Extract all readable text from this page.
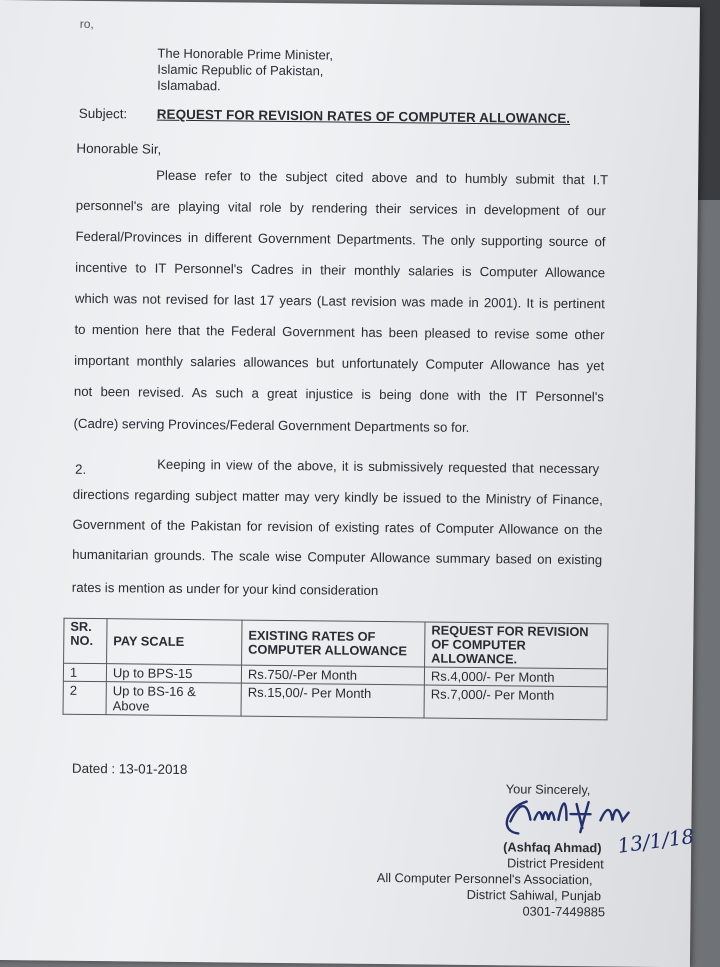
ro,
The Honorable Prime Minister,
Islamic Republic of Pakistan,
Islamabad.
Subject: REQUEST FOR REVISION RATES OF COMPUTER ALLOWANCE.
Honorable Sir,
Please refer to the subject cited above and to humbly submit that I.T
personnel's are playing vital role by rendering their services in development of our
Federal/Provinces in different Government Departments. The only supporting source of
incentive to IT Personnel's Cadres in their monthly salaries is Computer Allowance
which was not revised for last 17 years (Last revision was made in 2001). It is pertinent
to mention here that the Federal Government has been pleased to revise some other
important monthly salaries allowances but unfortunately Computer Allowance has yet
not been revised. As such a great injustice is being done with the IT Personnel's
(Cadre) serving Provinces/Federal Government Departments so for.
2.	Keeping in view of the above, it is submissively requested that necessary
directions regarding subject matter may very kindly be issued to the Ministry of Finance,
Government of the Pakistan for revision of existing rates of Computer Allowance on the
humanitarian grounds. The scale wise Computer Allowance summary based on existing
rates is mention as under for your kind consideration
SR. NO.	PAY SCALE	EXISTING RATES OF COMPUTER ALLOWANCE	REQUEST FOR REVISION OF COMPUTER ALLOWANCE.
1	Up to BPS-15	Rs.750/-Per Month	Rs.4,000/- Per Month
2	Up to BS-16 & Above	Rs.15,00/- Per Month	Rs.7,000/- Per Month
Dated : 13-01-2018
Your Sincerely,
(Ashfaq Ahmad)
District President
All Computer Personnel's Association,
District Sahiwal, Punjab
0301-7449885
13/1/18
